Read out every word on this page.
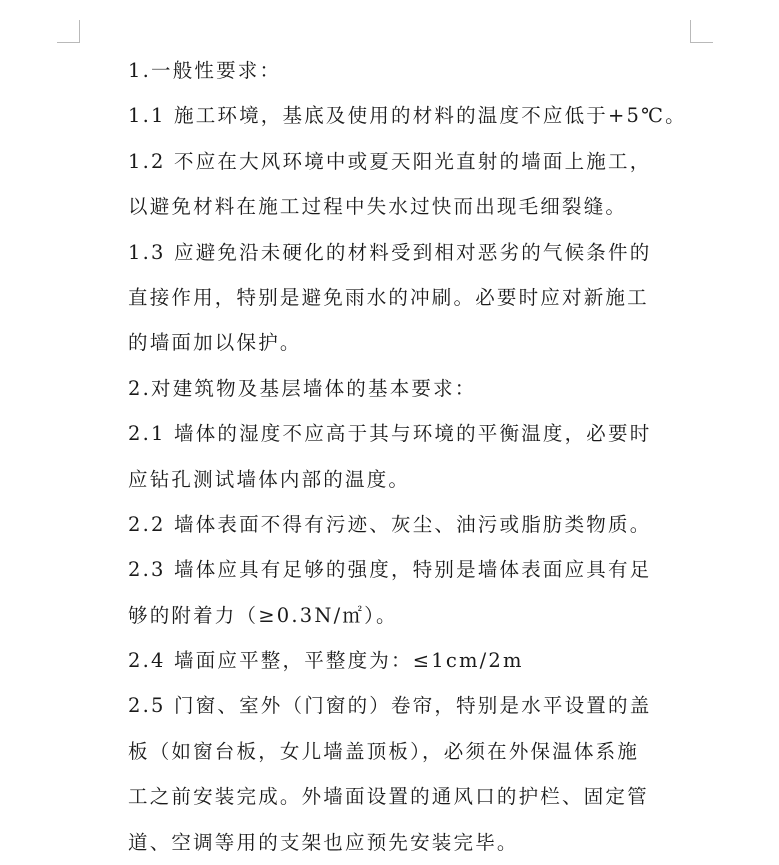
1.一般性要求：
1.1 施工环境，基底及使用的材料的温度不应低于+5℃。
1.2 不应在大风环境中或夏天阳光直射的墙面上施工，
以避免材料在施工过程中失水过快而出现毛细裂缝。
1.3 应避免沿未硬化的材料受到相对恶劣的气候条件的
直接作用，特别是避免雨水的冲刷。必要时应对新施工
的墙面加以保护。
2.对建筑物及基层墙体的基本要求：
2.1 墙体的湿度不应高于其与环境的平衡温度，必要时
应钻孔测试墙体内部的温度。
2.2 墙体表面不得有污迹、灰尘、油污或脂肪类物质。
2.3 墙体应具有足够的强度，特别是墙体表面应具有足
够的附着力（≥0.3N/㎡）。
2.4 墙面应平整，平整度为：≤1cm/2m
2.5 门窗、室外（门窗的）卷帘，特别是水平设置的盖
板（如窗台板，女儿墙盖顶板），必须在外保温体系施
工之前安装完成。外墙面设置的通风口的护栏、固定管
道、空调等用的支架也应预先安装完毕。
